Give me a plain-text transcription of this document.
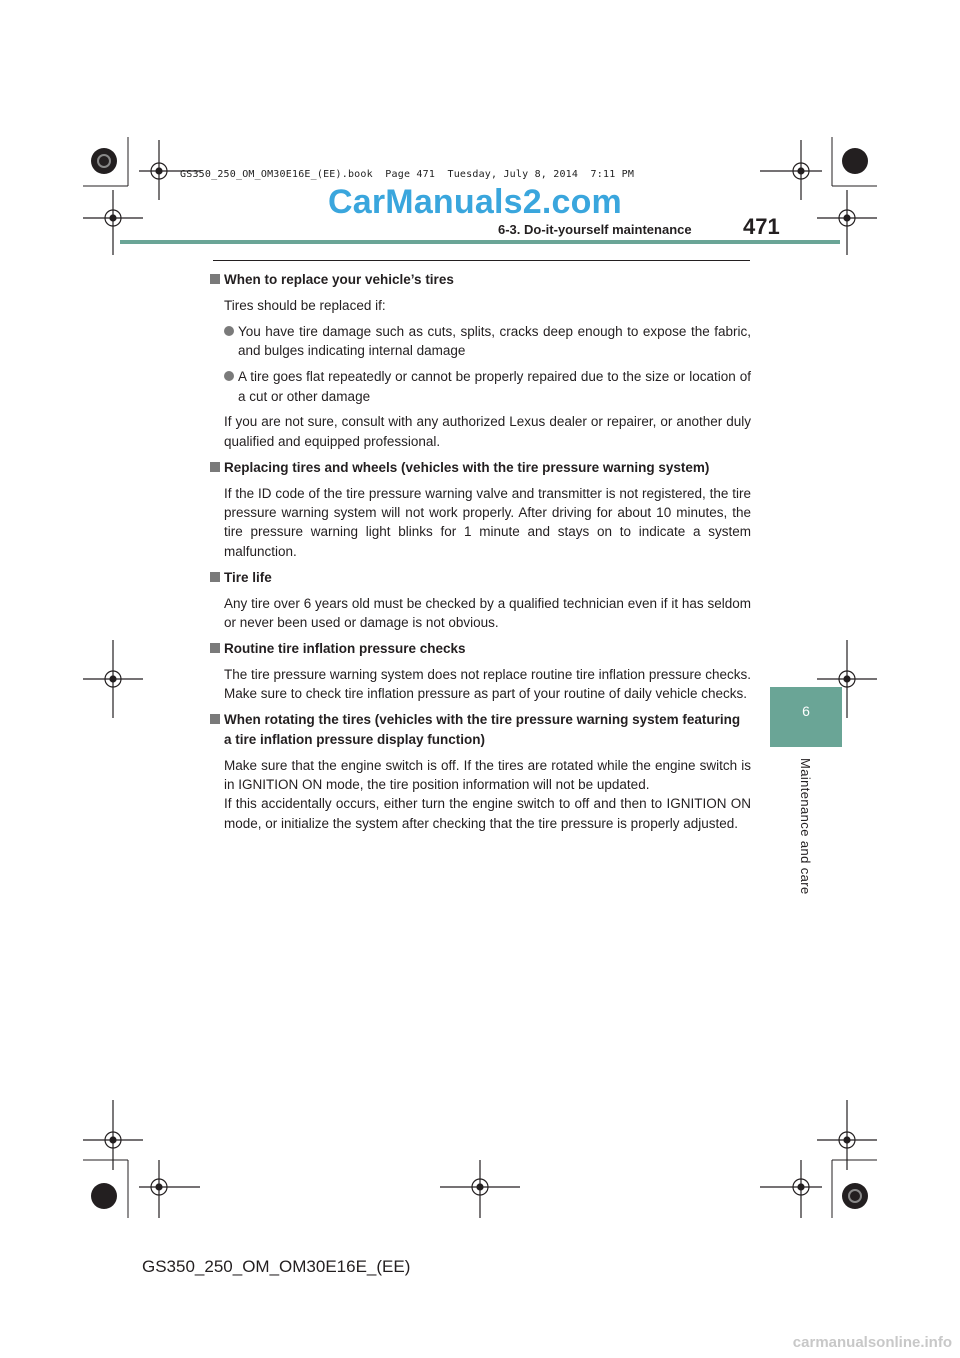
GS350_250_OM_OM30E16E_(EE).book  Page 471  Tuesday, July 8, 2014  7:11 PM
CarManuals2.com
6-3. Do-it-yourself maintenance 471
6
Maintenance and care
When to replace your vehicle’s tires
Tires should be replaced if:
You have tire damage such as cuts, splits, cracks deep enough to expose the fabric, and bulges indicating internal damage
A tire goes flat repeatedly or cannot be properly repaired due to the size or location of a cut or other damage
If you are not sure, consult with any authorized Lexus dealer or repairer, or another duly qualified and equipped professional.
Replacing tires and wheels (vehicles with the tire pressure warning system)
If the ID code of the tire pressure warning valve and transmitter is not registered, the tire pressure warning system will not work properly. After driving for about 10 minutes, the tire pressure warning light blinks for 1 minute and stays on to indicate a system malfunction.
Tire life
Any tire over 6 years old must be checked by a qualified technician even if it has seldom or never been used or damage is not obvious.
Routine tire inflation pressure checks
The tire pressure warning system does not replace routine tire inflation pressure checks. Make sure to check tire inflation pressure as part of your routine of daily vehicle checks.
When rotating the tires (vehicles with the tire pressure warning system featuring a tire inflation pressure display function)
Make sure that the engine switch is off. If the tires are rotated while the engine switch is in IGNITION ON mode, the tire position information will not be updated.
If this accidentally occurs, either turn the engine switch to off and then to IGNITION ON mode, or initialize the system after checking that the tire pressure is properly adjusted.
GS350_250_OM_OM30E16E_(EE)
carmanualsonline.info
